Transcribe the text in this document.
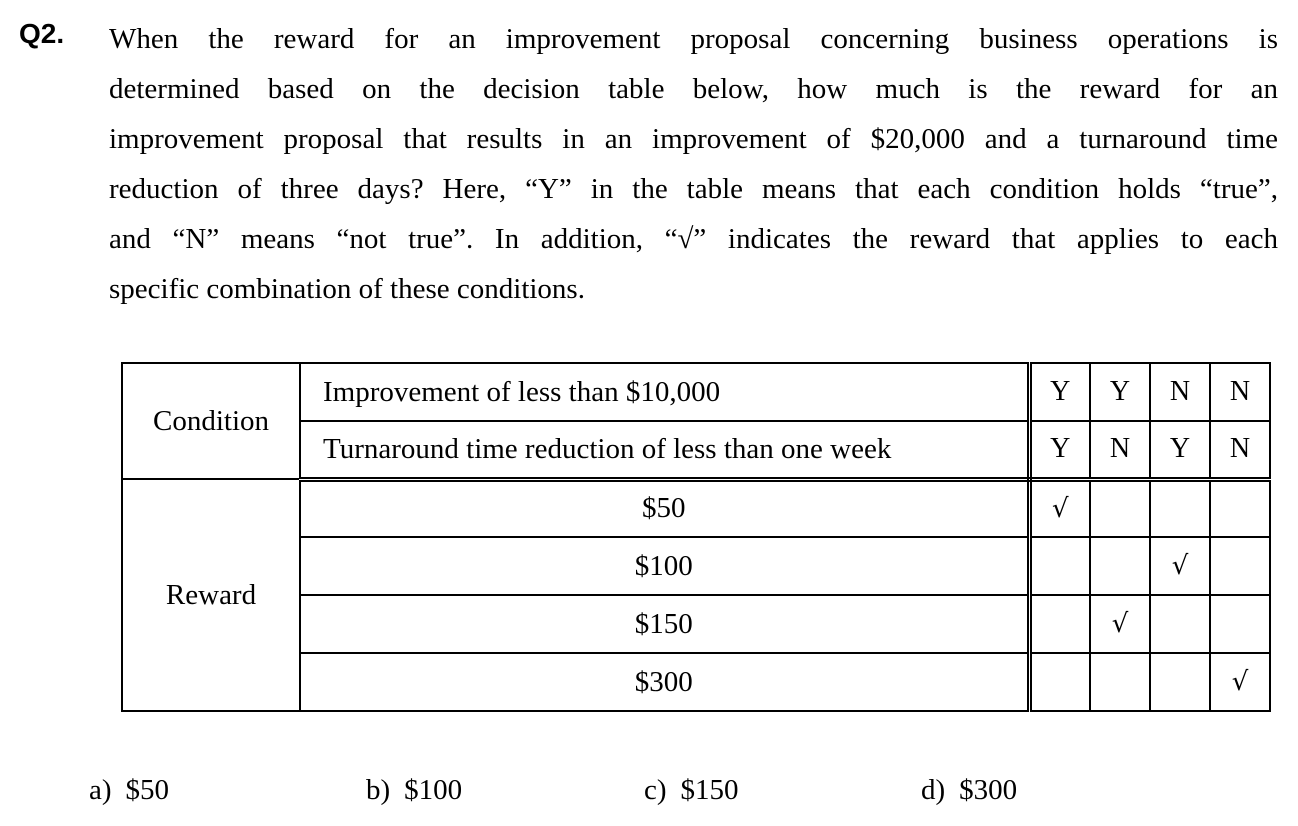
Q2. When the reward for an improvement proposal concerning business operations is
determined based on the decision table below, how much is the reward for an
improvement proposal that results in an improvement of $20,000 and a turnaround time
reduction of three days? Here, “Y” in the table means that each condition holds “true”,
and “N” means “not true”. In addition, “√” indicates the reward that applies to each
specific combination of these conditions.
Condition	Improvement of less than $10,000	Y	Y	N	N
	Turnaround time reduction of less than one week	Y	N	Y	N
Reward	$50	√			
	$100			√	
	$150		√		
	$300				√
a) $50	b) $100	c) $150	d) $300
